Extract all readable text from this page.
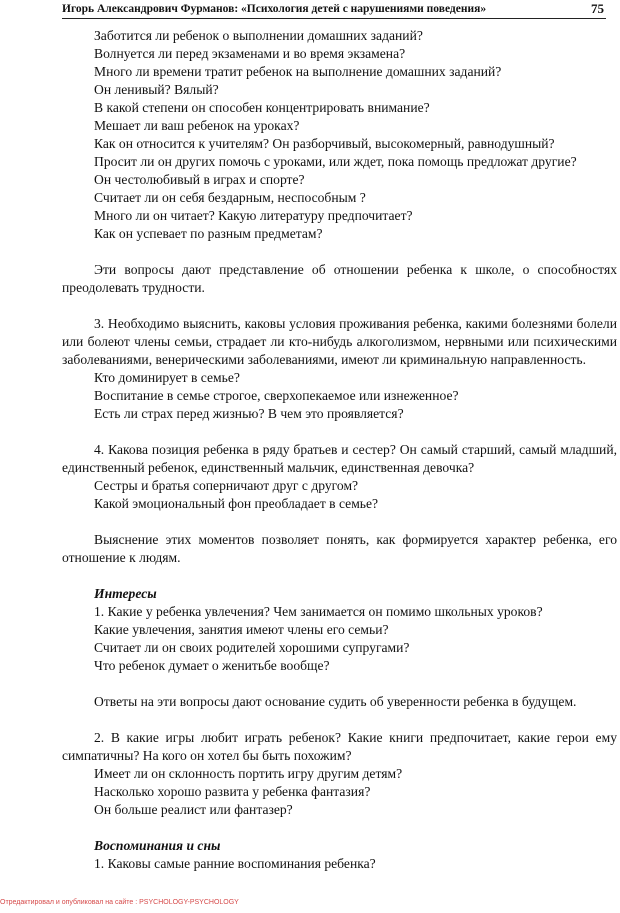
Игорь Александрович Фурманов: «Психология детей с нарушениями поведения»	75
Заботится ли ребенок о выполнении домашних заданий?
Волнуется ли перед экзаменами и во время экзамена?
Много ли времени тратит ребенок на выполнение домашних заданий?
Он ленивый? Вялый?
В какой степени он способен концентрировать внимание?
Мешает ли ваш ребенок на уроках?
Как он относится к учителям? Он разборчивый, высокомерный, равнодушный?
Просит ли он других помочь с уроками, или ждет, пока помощь предложат другие?
Он честолюбивый в играх и спорте?
Считает ли он себя бездарным, неспособным ?
Много ли он читает? Какую литературу предпочитает?
Как он успевает по разным предметам?
Эти вопросы дают представление об отношении ребенка к школе, о способностях
преодолевать трудности.
3. Необходимо выяснить, каковы условия проживания ребенка, какими болезнями болели
или болеют члены семьи, страдает ли кто-нибудь алкоголизмом, нервными или психическими
заболеваниями, венерическими заболеваниями, имеют ли криминальную направленность.
Кто доминирует в семье?
Воспитание в семье строгое, сверхопекаемое или изнеженное?
Есть ли страх перед жизнью? В чем это проявляется?
4. Какова позиция ребенка в ряду братьев и сестер? Он самый старший, самый младший,
единственный ребенок, единственный мальчик, единственная девочка?
Сестры и братья соперничают друг с другом?
Какой эмоциональный фон преобладает в семье?
Выяснение этих моментов позволяет понять, как формируется характер ребенка, его
отношение к людям.
Интересы
1. Какие у ребенка увлечения? Чем занимается он помимо школьных уроков?
Какие увлечения, занятия имеют члены его семьи?
Считает ли он своих родителей хорошими супругами?
Что ребенок думает о женитьбе вообще?
Ответы на эти вопросы дают основание судить об уверенности ребенка в будущем.
2. В какие игры любит играть ребенок? Какие книги предпочитает, какие герои ему
симпатичны? На кого он хотел бы быть похожим?
Имеет ли он склонность портить игру другим детям?
Насколько хорошо развита у ребенка фантазия?
Он больше реалист или фантазер?
Воспоминания и сны
1. Каковы самые ранние воспоминания ребенка?
Отредактировал и опубликовал на сайте : PSYCHOLOGY-PSYCHOLOGY
